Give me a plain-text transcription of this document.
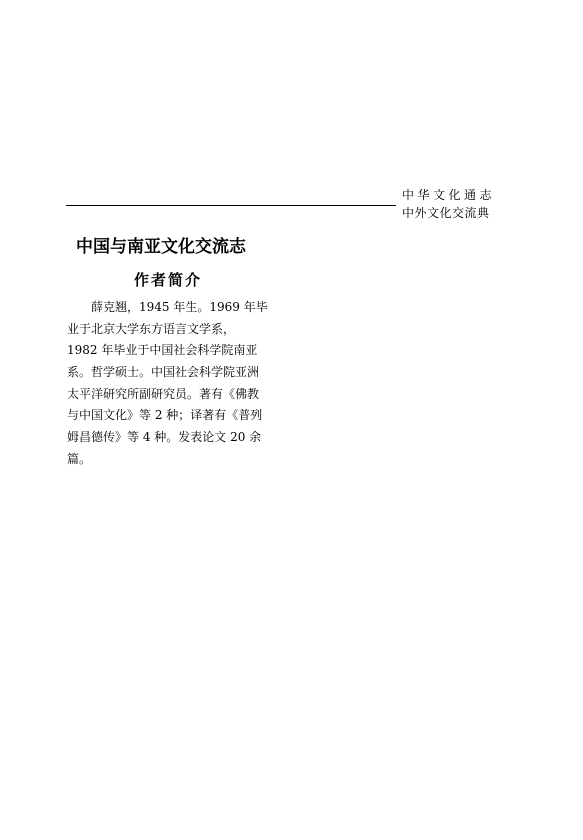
中华文化通志
中外文化交流典
中国与南亚文化交流志
作者简介
薛克翘，1945 年生。1969 年毕
业于北京大学东方语言文学系，
1982 年毕业于中国社会科学院南亚
系。哲学硕士。中国社会科学院亚洲
太平洋研究所副研究员。著有《佛教
与中国文化》等 2 种；译著有《普列
姆昌德传》等 4 种。发表论文 20 余
篇。
